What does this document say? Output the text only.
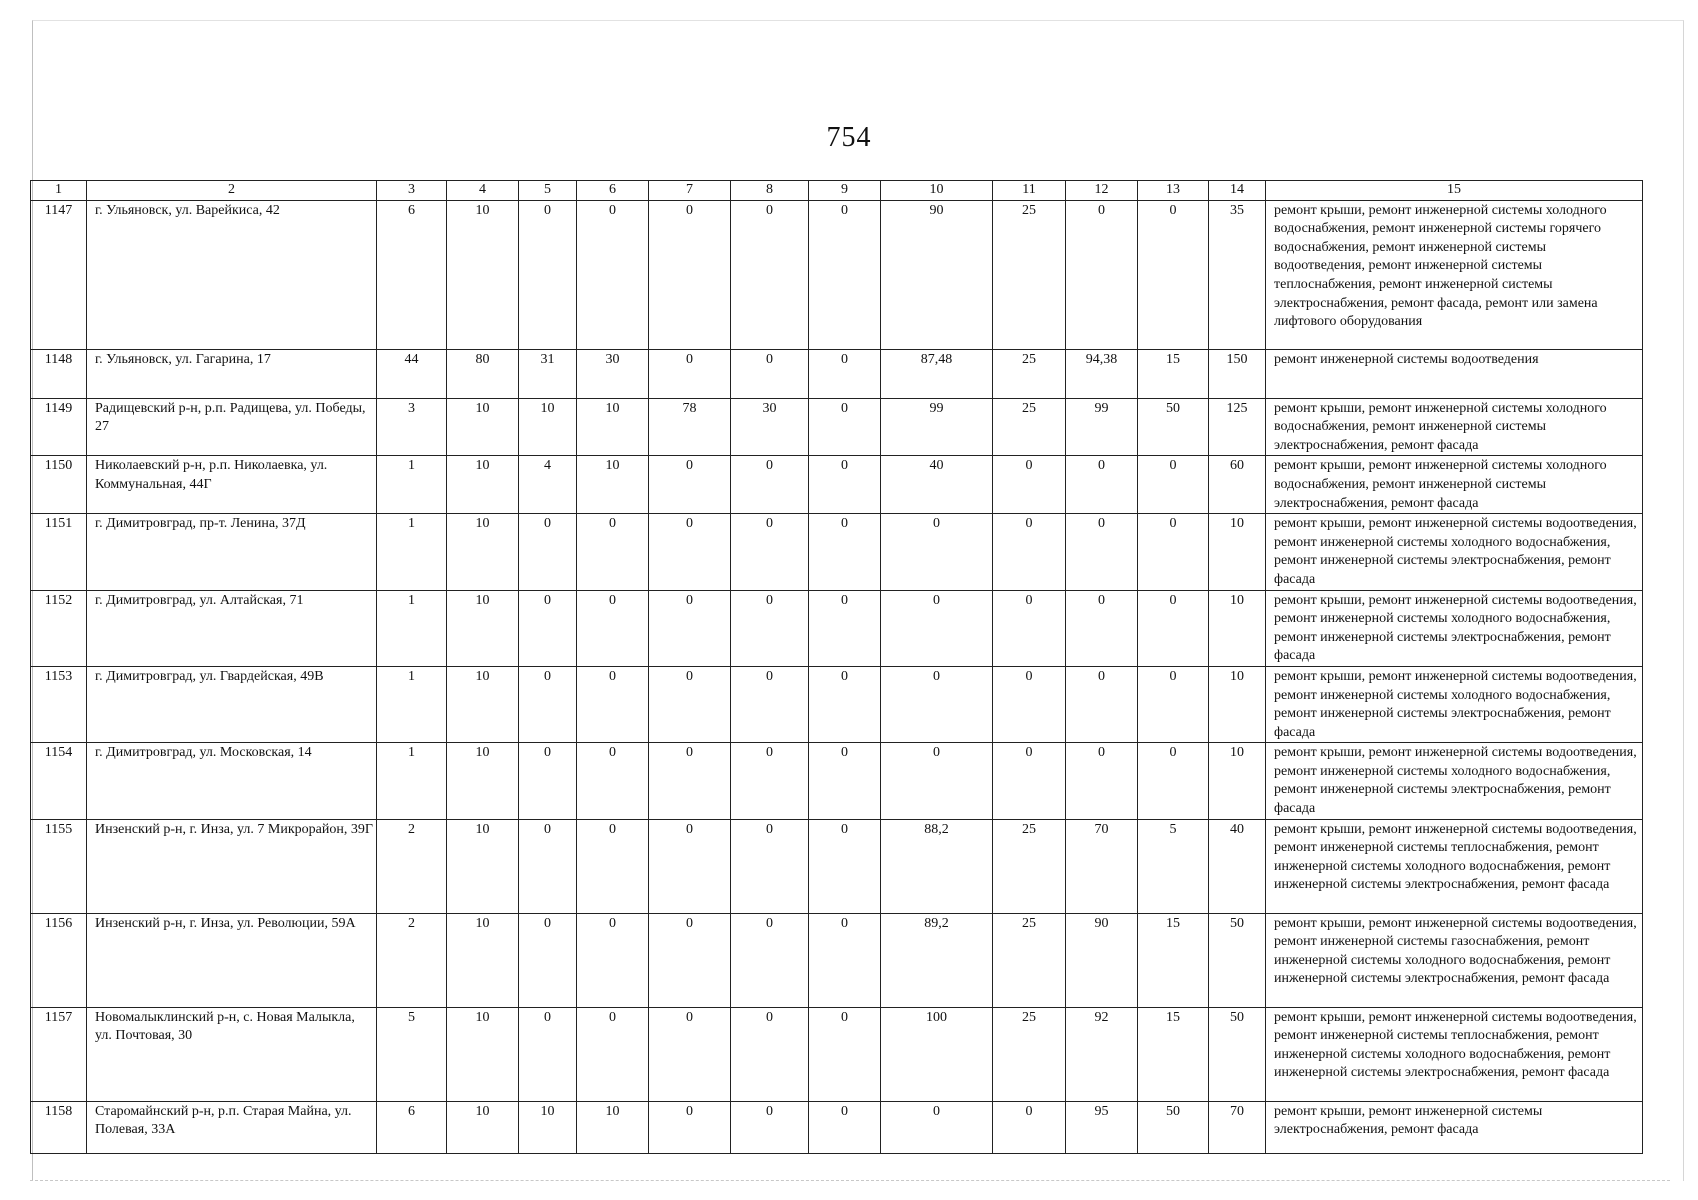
754
1	2	3	4	5	6	7	8	9	10	11	12	13	14	15
1147	г. Ульяновск, ул. Варейкиса, 42	6	10	0	0	0	0	0	90	25	0	0	35	ремонт крыши, ремонт инженерной системы холодного водоснабжения, ремонт инженерной системы горячего водоснабжения, ремонт инженерной системы водоотведения, ремонт инженерной системы теплоснабжения, ремонт инженерной системы электроснабжения, ремонт фасада, ремонт или замена лифтового оборудования
1148	г. Ульяновск, ул. Гагарина, 17	44	80	31	30	0	0	0	87,48	25	94,38	15	150	ремонт инженерной системы водоотведения
1149	Радищевский р-н, р.п. Радищева, ул. Победы, 27	3	10	10	10	78	30	0	99	25	99	50	125	ремонт крыши, ремонт инженерной системы холодного водоснабжения, ремонт инженерной системы электроснабжения, ремонт фасада
1150	Николаевский р-н, р.п. Николаевка, ул. Коммунальная, 44Г	1	10	4	10	0	0	0	40	0	0	0	60	ремонт крыши, ремонт инженерной системы холодного водоснабжения, ремонт инженерной системы электроснабжения, ремонт фасада
1151	г. Димитровград, пр-т. Ленина, 37Д	1	10	0	0	0	0	0	0	0	0	0	10	ремонт крыши, ремонт инженерной системы водоотведения, ремонт инженерной системы холодного водоснабжения, ремонт инженерной системы электроснабжения, ремонт фасада
1152	г. Димитровград, ул. Алтайская, 71	1	10	0	0	0	0	0	0	0	0	0	10	ремонт крыши, ремонт инженерной системы водоотведения, ремонт инженерной системы холодного водоснабжения, ремонт инженерной системы электроснабжения, ремонт фасада
1153	г. Димитровград, ул. Гвардейская, 49В	1	10	0	0	0	0	0	0	0	0	0	10	ремонт крыши, ремонт инженерной системы водоотведения, ремонт инженерной системы холодного водоснабжения, ремонт инженерной системы электроснабжения, ремонт фасада
1154	г. Димитровград, ул. Московская, 14	1	10	0	0	0	0	0	0	0	0	0	10	ремонт крыши, ремонт инженерной системы водоотведения, ремонт инженерной системы холодного водоснабжения, ремонт инженерной системы электроснабжения, ремонт фасада
1155	Инзенский р-н, г. Инза, ул. 7 Микрорайон, 39Г	2	10	0	0	0	0	0	88,2	25	70	5	40	ремонт крыши, ремонт инженерной системы водоотведения, ремонт инженерной системы теплоснабжения, ремонт инженерной системы холодного водоснабжения, ремонт инженерной системы электроснабжения, ремонт фасада
1156	Инзенский р-н, г. Инза, ул. Революции, 59А	2	10	0	0	0	0	0	89,2	25	90	15	50	ремонт крыши, ремонт инженерной системы водоотведения, ремонт инженерной системы газоснабжения, ремонт инженерной системы холодного водоснабжения, ремонт инженерной системы электроснабжения, ремонт фасада
1157	Новомалыклинский р-н, с. Новая Малыкла, ул. Почтовая, 30	5	10	0	0	0	0	0	100	25	92	15	50	ремонт крыши, ремонт инженерной системы водоотведения, ремонт инженерной системы теплоснабжения, ремонт инженерной системы холодного водоснабжения, ремонт инженерной системы электроснабжения, ремонт фасада
1158	Старомайнский р-н, р.п. Старая Майна, ул. Полевая, 33А	6	10	10	10	0	0	0	0	0	95	50	70	ремонт крыши, ремонт инженерной системы электроснабжения, ремонт фасада
